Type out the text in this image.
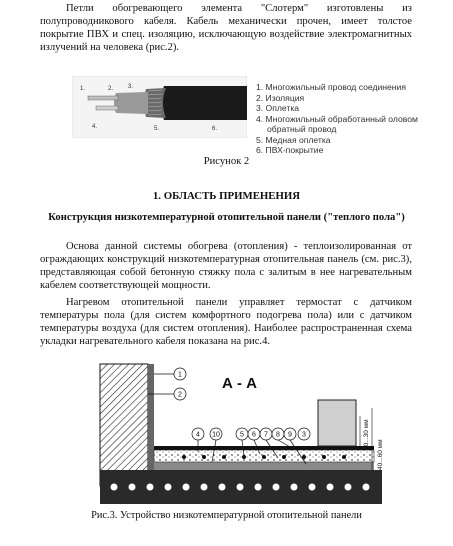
Петли обогревающего элемента "Слотерм" изготовлены из полупроводникового кабеля. Кабель механически прочен, имеет толстое покрытие ПВХ и спец. изоляцию, исключающую воздействие электромагнитных излучений на человека (рис.2).
1.	2. 3.
4.	5.	6.
1. Многожильный провод соединения
2. Изоляция
3. Оплетка
4. Многожильный обработанный оловом
обратный провод
5. Медная оплетка
6. ПВХ-покрытие
Рисунок 2
1. ОБЛАСТЬ ПРИМЕНЕНИЯ
Конструкция низкотемпературной отопительной панели ("теплого пола")
Основа данной системы обогрева (отопления) - теплоизолированная от ограждающих конструкций низкотемпературная отопительная панель (см. рис.3), представляющая собой бетонную стяжку пола с залитым в нее нагревательным кабелем соответствующей мощности.
Нагревом отопительной панели управляет термостат с датчиком температуры пола (для систем комфортного подогрева пола) или с датчиком температуры воздуха (для систем отопления). Наиболее распространенная схема укладки нагревательного кабеля показана на рис.4.
20...30 мм
40...60 мм
А - А
1
2
4 10	5 6 7 8 9 3
Рис.3. Устройство низкотемпературной отопительной панели
